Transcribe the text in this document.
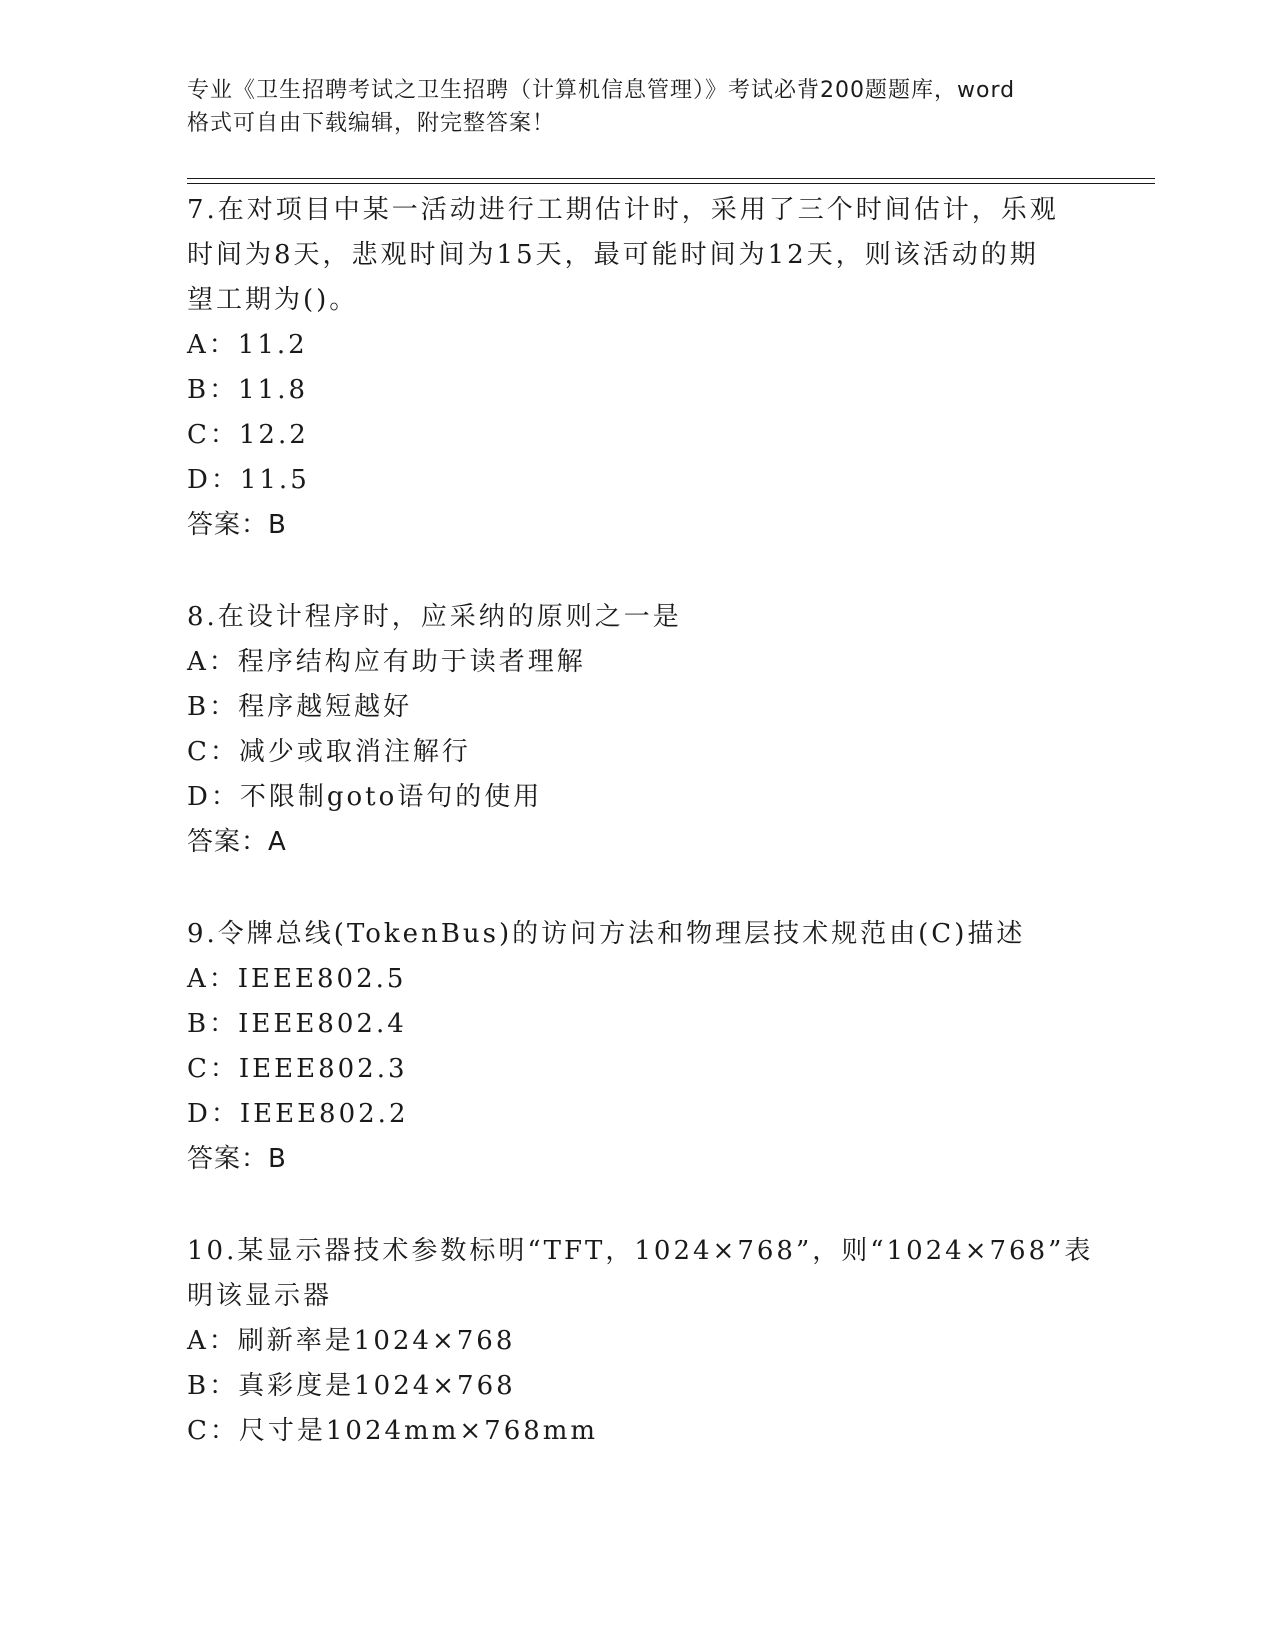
专业《卫生招聘考试之卫生招聘（计算机信息管理）》考试必背200题题库，word
格式可自由下载编辑，附完整答案！
7.在对项目中某一活动进行工期估计时，采用了三个时间估计，乐观
时间为8天，悲观时间为15天，最可能时间为12天，则该活动的期
望工期为()。
A：11.2
B：11.8
C：12.2
D：11.5
答案：B
8.在设计程序时，应采纳的原则之一是
A：程序结构应有助于读者理解
B：程序越短越好
C：减少或取消注解行
D：不限制goto语句的使用
答案：A
9.令牌总线(TokenBus)的访问方法和物理层技术规范由(C)描述
A：IEEE802.5
B：IEEE802.4
C：IEEE802.3
D：IEEE802.2
答案：B
10.某显示器技术参数标明“TFT，1024×768”，则“1024×768”表
明该显示器
A：刷新率是1024×768
B：真彩度是1024×768
C：尺寸是1024mm×768mm
